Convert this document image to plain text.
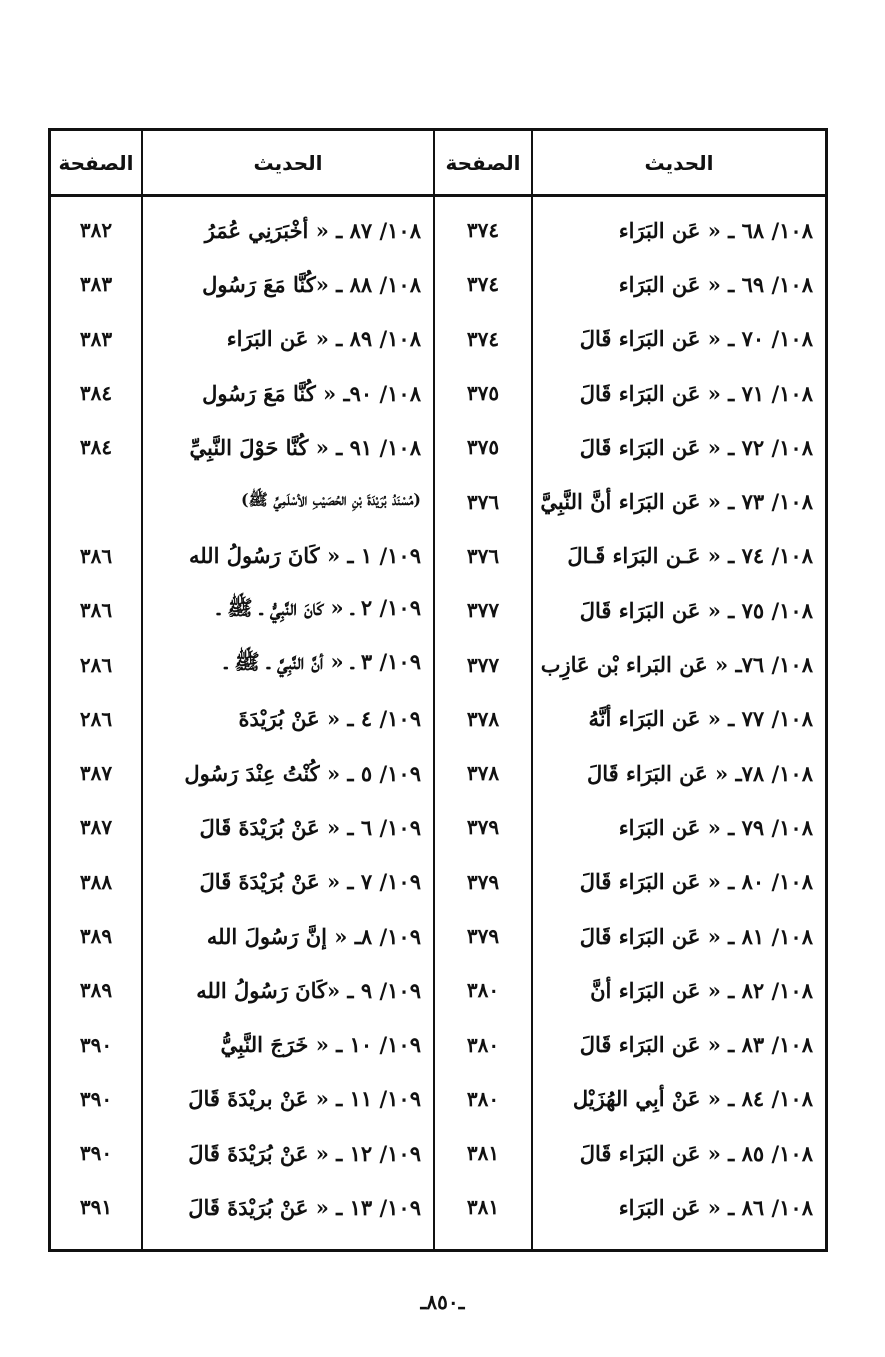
الصفحة
٣٨٢
٣٨٣
٣٨٣
٣٨٤
٣٨٤
٣٨٦
٣٨٦
٢٨٦
٢٨٦
٣٨٧
٣٨٧
٣٨٨
٣٨٩
٣٨٩
٣٩٠
٣٩٠
٣٩٠
٣٩١
الحديث
١٠٨/ ٨٧ ـ « أخْبَرَنِي عُمَرُ
١٠٨/ ٨٨ ـ «كُنَّا مَعَ رَسُول
١٠٨/ ٨٩ ـ « عَن البَرَاء
١٠٨/ ٩٠ـ « كُنَّا مَعَ رَسُول
١٠٨/ ٩١ ـ « كُنَّا حَوْلَ النَّبِيِّ
(مُسْنَدُ بُرَيْدَةَ بْنِ الحُصَيْبِ الأسْلَمِيِّ ﷺ)
١٠٩/ ١ ـ « كَانَ رَسُولُ الله
١٠٩/ ٢ ـ « كَانَ النَّبِيُّ ـ ﷺ ـ
١٠٩/ ٣ ـ « أنَّ النَّبِيَّ ـ ﷺ ـ
١٠٩/ ٤ ـ « عَنْ بُرَيْدَةَ
١٠٩/ ٥ ـ « كُنْتُ عِنْدَ رَسُول
١٠٩/ ٦ ـ « عَنْ بُرَيْدَةَ قَالَ
١٠٩/ ٧ ـ « عَنْ بُرَيْدَةَ قَالَ
١٠٩/ ٨ـ « إنَّ رَسُولَ الله
١٠٩/ ٩ ـ «كَانَ رَسُولُ الله
١٠٩/ ١٠ ـ « خَرَجَ النَّبِيُّ
١٠٩/ ١١ ـ « عَنْ بريْدَةَ قَالَ
١٠٩/ ١٢ ـ « عَنْ بُرَيْدَةَ قَالَ
١٠٩/ ١٣ ـ « عَنْ بُرَيْدَةَ قَالَ
الصفحة
٣٧٤
٣٧٤
٣٧٤
٣٧٥
٣٧٥
٣٧٦
٣٧٦
٣٧٧
٣٧٧
٣٧٨
٣٧٨
٣٧٩
٣٧٩
٣٧٩
٣٨٠
٣٨٠
٣٨٠
٣٨١
٣٨١
الحديث
١٠٨/ ٦٨ ـ « عَن البَرَاء
١٠٨/ ٦٩ ـ « عَن البَرَاء
١٠٨/ ٧٠ ـ « عَن البَرَاء قَالَ
١٠٨/ ٧١ ـ « عَن البَرَاء قَالَ
١٠٨/ ٧٢ ـ « عَن البَرَاء قَالَ
١٠٨/ ٧٣ ـ « عَن البَرَاء أنَّ النَّبِيَّ
١٠٨/ ٧٤ ـ « عَـن البَرَاء قَـالَ
١٠٨/ ٧٥ ـ « عَن البَرَاء قَالَ
١٠٨/ ٧٦ـ « عَن البَراء بْن عَازِب
١٠٨/ ٧٧ ـ « عَن البَرَاء أنَّهُ
١٠٨/ ٧٨ـ « عَن البَرَاء قَالَ
١٠٨/ ٧٩ ـ « عَن البَرَاء
١٠٨/ ٨٠ ـ « عَن البَرَاء قَالَ
١٠٨/ ٨١ ـ « عَن البَرَاء قَالَ
١٠٨/ ٨٢ ـ « عَن البَرَاء أنَّ
١٠٨/ ٨٣ ـ « عَن البَرَاء قَالَ
١٠٨/ ٨٤ ـ « عَنْ أبِي الهُزَيْل
١٠٨/ ٨٥ ـ « عَن البَرَاء قَالَ
١٠٨/ ٨٦ ـ « عَن البَرَاء
ـ٨٥٠ـ
